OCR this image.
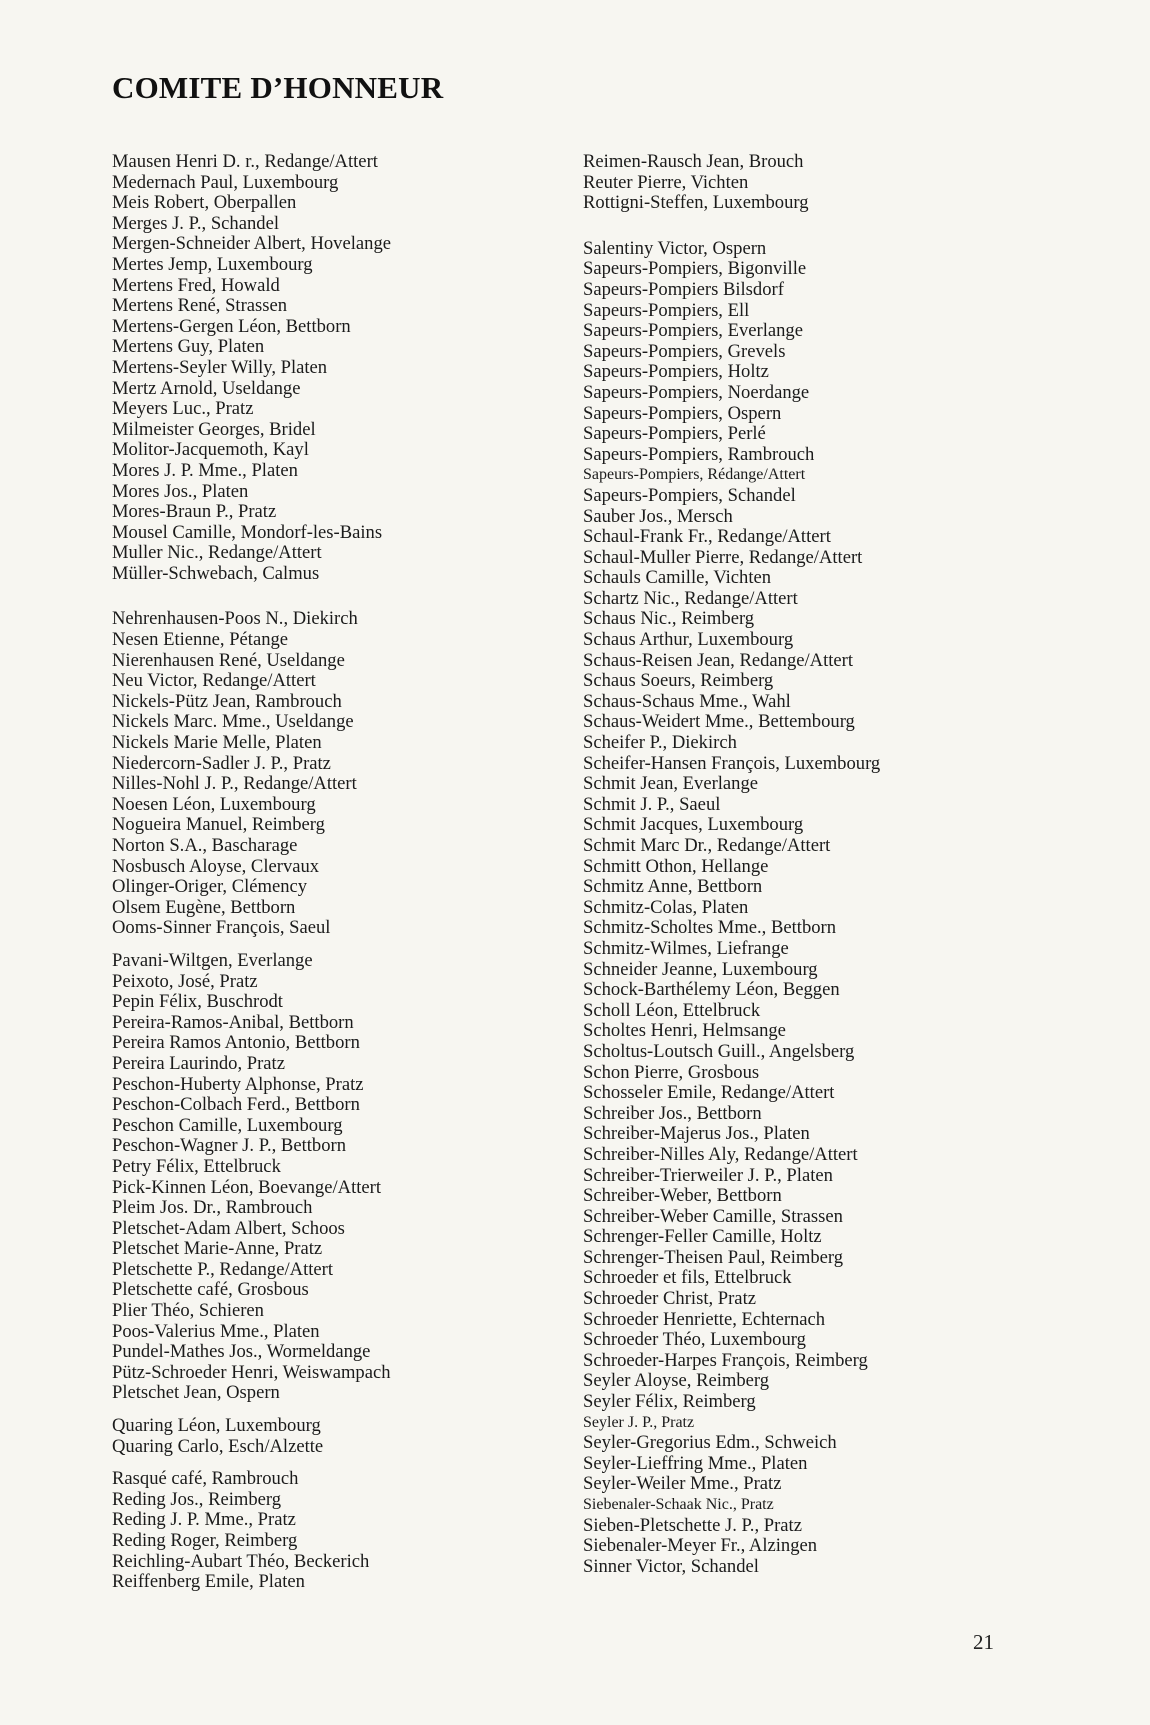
COMITE D’HONNEUR
Mausen Henri D. r., Redange/Attert
Medernach Paul, Luxembourg
Meis Robert, Oberpallen
Merges J. P., Schandel
Mergen-Schneider Albert, Hovelange
Mertes Jemp, Luxembourg
Mertens Fred, Howald
Mertens René, Strassen
Mertens-Gergen Léon, Bettborn
Mertens Guy, Platen
Mertens-Seyler Willy, Platen
Mertz Arnold, Useldange
Meyers Luc., Pratz
Milmeister Georges, Bridel
Molitor-Jacquemoth, Kayl
Mores J. P. Mme., Platen
Mores Jos., Platen
Mores-Braun P., Pratz
Mousel Camille, Mondorf-les-Bains
Muller Nic., Redange/Attert
Müller-Schwebach, Calmus
Nehrenhausen-Poos N., Diekirch
Nesen Etienne, Pétange
Nierenhausen René, Useldange
Neu Victor, Redange/Attert
Nickels-Pütz Jean, Rambrouch
Nickels Marc. Mme., Useldange
Nickels Marie Melle, Platen
Niedercorn-Sadler J. P., Pratz
Nilles-Nohl J. P., Redange/Attert
Noesen Léon, Luxembourg
Nogueira Manuel, Reimberg
Norton S.A., Bascharage
Nosbusch Aloyse, Clervaux
Olinger-Origer, Clémency
Olsem Eugène, Bettborn
Ooms-Sinner François, Saeul
Pavani-Wiltgen, Everlange
Peixoto, José, Pratz
Pepin Félix, Buschrodt
Pereira-Ramos-Anibal, Bettborn
Pereira Ramos Antonio, Bettborn
Pereira Laurindo, Pratz
Peschon-Huberty Alphonse, Pratz
Peschon-Colbach Ferd., Bettborn
Peschon Camille, Luxembourg
Peschon-Wagner J. P., Bettborn
Petry Félix, Ettelbruck
Pick-Kinnen Léon, Boevange/Attert
Pleim Jos. Dr., Rambrouch
Pletschet-Adam Albert, Schoos
Pletschet Marie-Anne, Pratz
Pletschette P., Redange/Attert
Pletschette café, Grosbous
Plier Théo, Schieren
Poos-Valerius Mme., Platen
Pundel-Mathes Jos., Wormeldange
Pütz-Schroeder Henri, Weiswampach
Pletschet Jean, Ospern
Quaring Léon, Luxembourg
Quaring Carlo, Esch/Alzette
Rasqué café, Rambrouch
Reding Jos., Reimberg
Reding J. P. Mme., Pratz
Reding Roger, Reimberg
Reichling-Aubart Théo, Beckerich
Reiffenberg Emile, Platen
Reimen-Rausch Jean, Brouch
Reuter Pierre, Vichten
Rottigni-Steffen, Luxembourg
Salentiny Victor, Ospern
Sapeurs-Pompiers, Bigonville
Sapeurs-Pompiers Bilsdorf
Sapeurs-Pompiers, Ell
Sapeurs-Pompiers, Everlange
Sapeurs-Pompiers, Grevels
Sapeurs-Pompiers, Holtz
Sapeurs-Pompiers, Noerdange
Sapeurs-Pompiers, Ospern
Sapeurs-Pompiers, Perlé
Sapeurs-Pompiers, Rambrouch
Sapeurs-Pompiers, Rédange/Attert
Sapeurs-Pompiers, Schandel
Sauber Jos., Mersch
Schaul-Frank Fr., Redange/Attert
Schaul-Muller Pierre, Redange/Attert
Schauls Camille, Vichten
Schartz Nic., Redange/Attert
Schaus Nic., Reimberg
Schaus Arthur, Luxembourg
Schaus-Reisen Jean, Redange/Attert
Schaus Soeurs, Reimberg
Schaus-Schaus Mme., Wahl
Schaus-Weidert Mme., Bettembourg
Scheifer P., Diekirch
Scheifer-Hansen François, Luxembourg
Schmit Jean, Everlange
Schmit J. P., Saeul
Schmit Jacques, Luxembourg
Schmit Marc Dr., Redange/Attert
Schmitt Othon, Hellange
Schmitz Anne, Bettborn
Schmitz-Colas, Platen
Schmitz-Scholtes Mme., Bettborn
Schmitz-Wilmes, Liefrange
Schneider Jeanne, Luxembourg
Schock-Barthélemy Léon, Beggen
Scholl Léon, Ettelbruck
Scholtes Henri, Helmsange
Scholtus-Loutsch Guill., Angelsberg
Schon Pierre, Grosbous
Schosseler Emile, Redange/Attert
Schreiber Jos., Bettborn
Schreiber-Majerus Jos., Platen
Schreiber-Nilles Aly, Redange/Attert
Schreiber-Trierweiler J. P., Platen
Schreiber-Weber, Bettborn
Schreiber-Weber Camille, Strassen
Schrenger-Feller Camille, Holtz
Schrenger-Theisen Paul, Reimberg
Schroeder et fils, Ettelbruck
Schroeder Christ, Pratz
Schroeder Henriette, Echternach
Schroeder Théo, Luxembourg
Schroeder-Harpes François, Reimberg
Seyler Aloyse, Reimberg
Seyler Félix, Reimberg
Seyler J. P., Pratz
Seyler-Gregorius Edm., Schweich
Seyler-Lieffring Mme., Platen
Seyler-Weiler Mme., Pratz
Siebenaler-Schaak Nic., Pratz
Sieben-Pletschette J. P., Pratz
Siebenaler-Meyer Fr., Alzingen
Sinner Victor, Schandel
21
